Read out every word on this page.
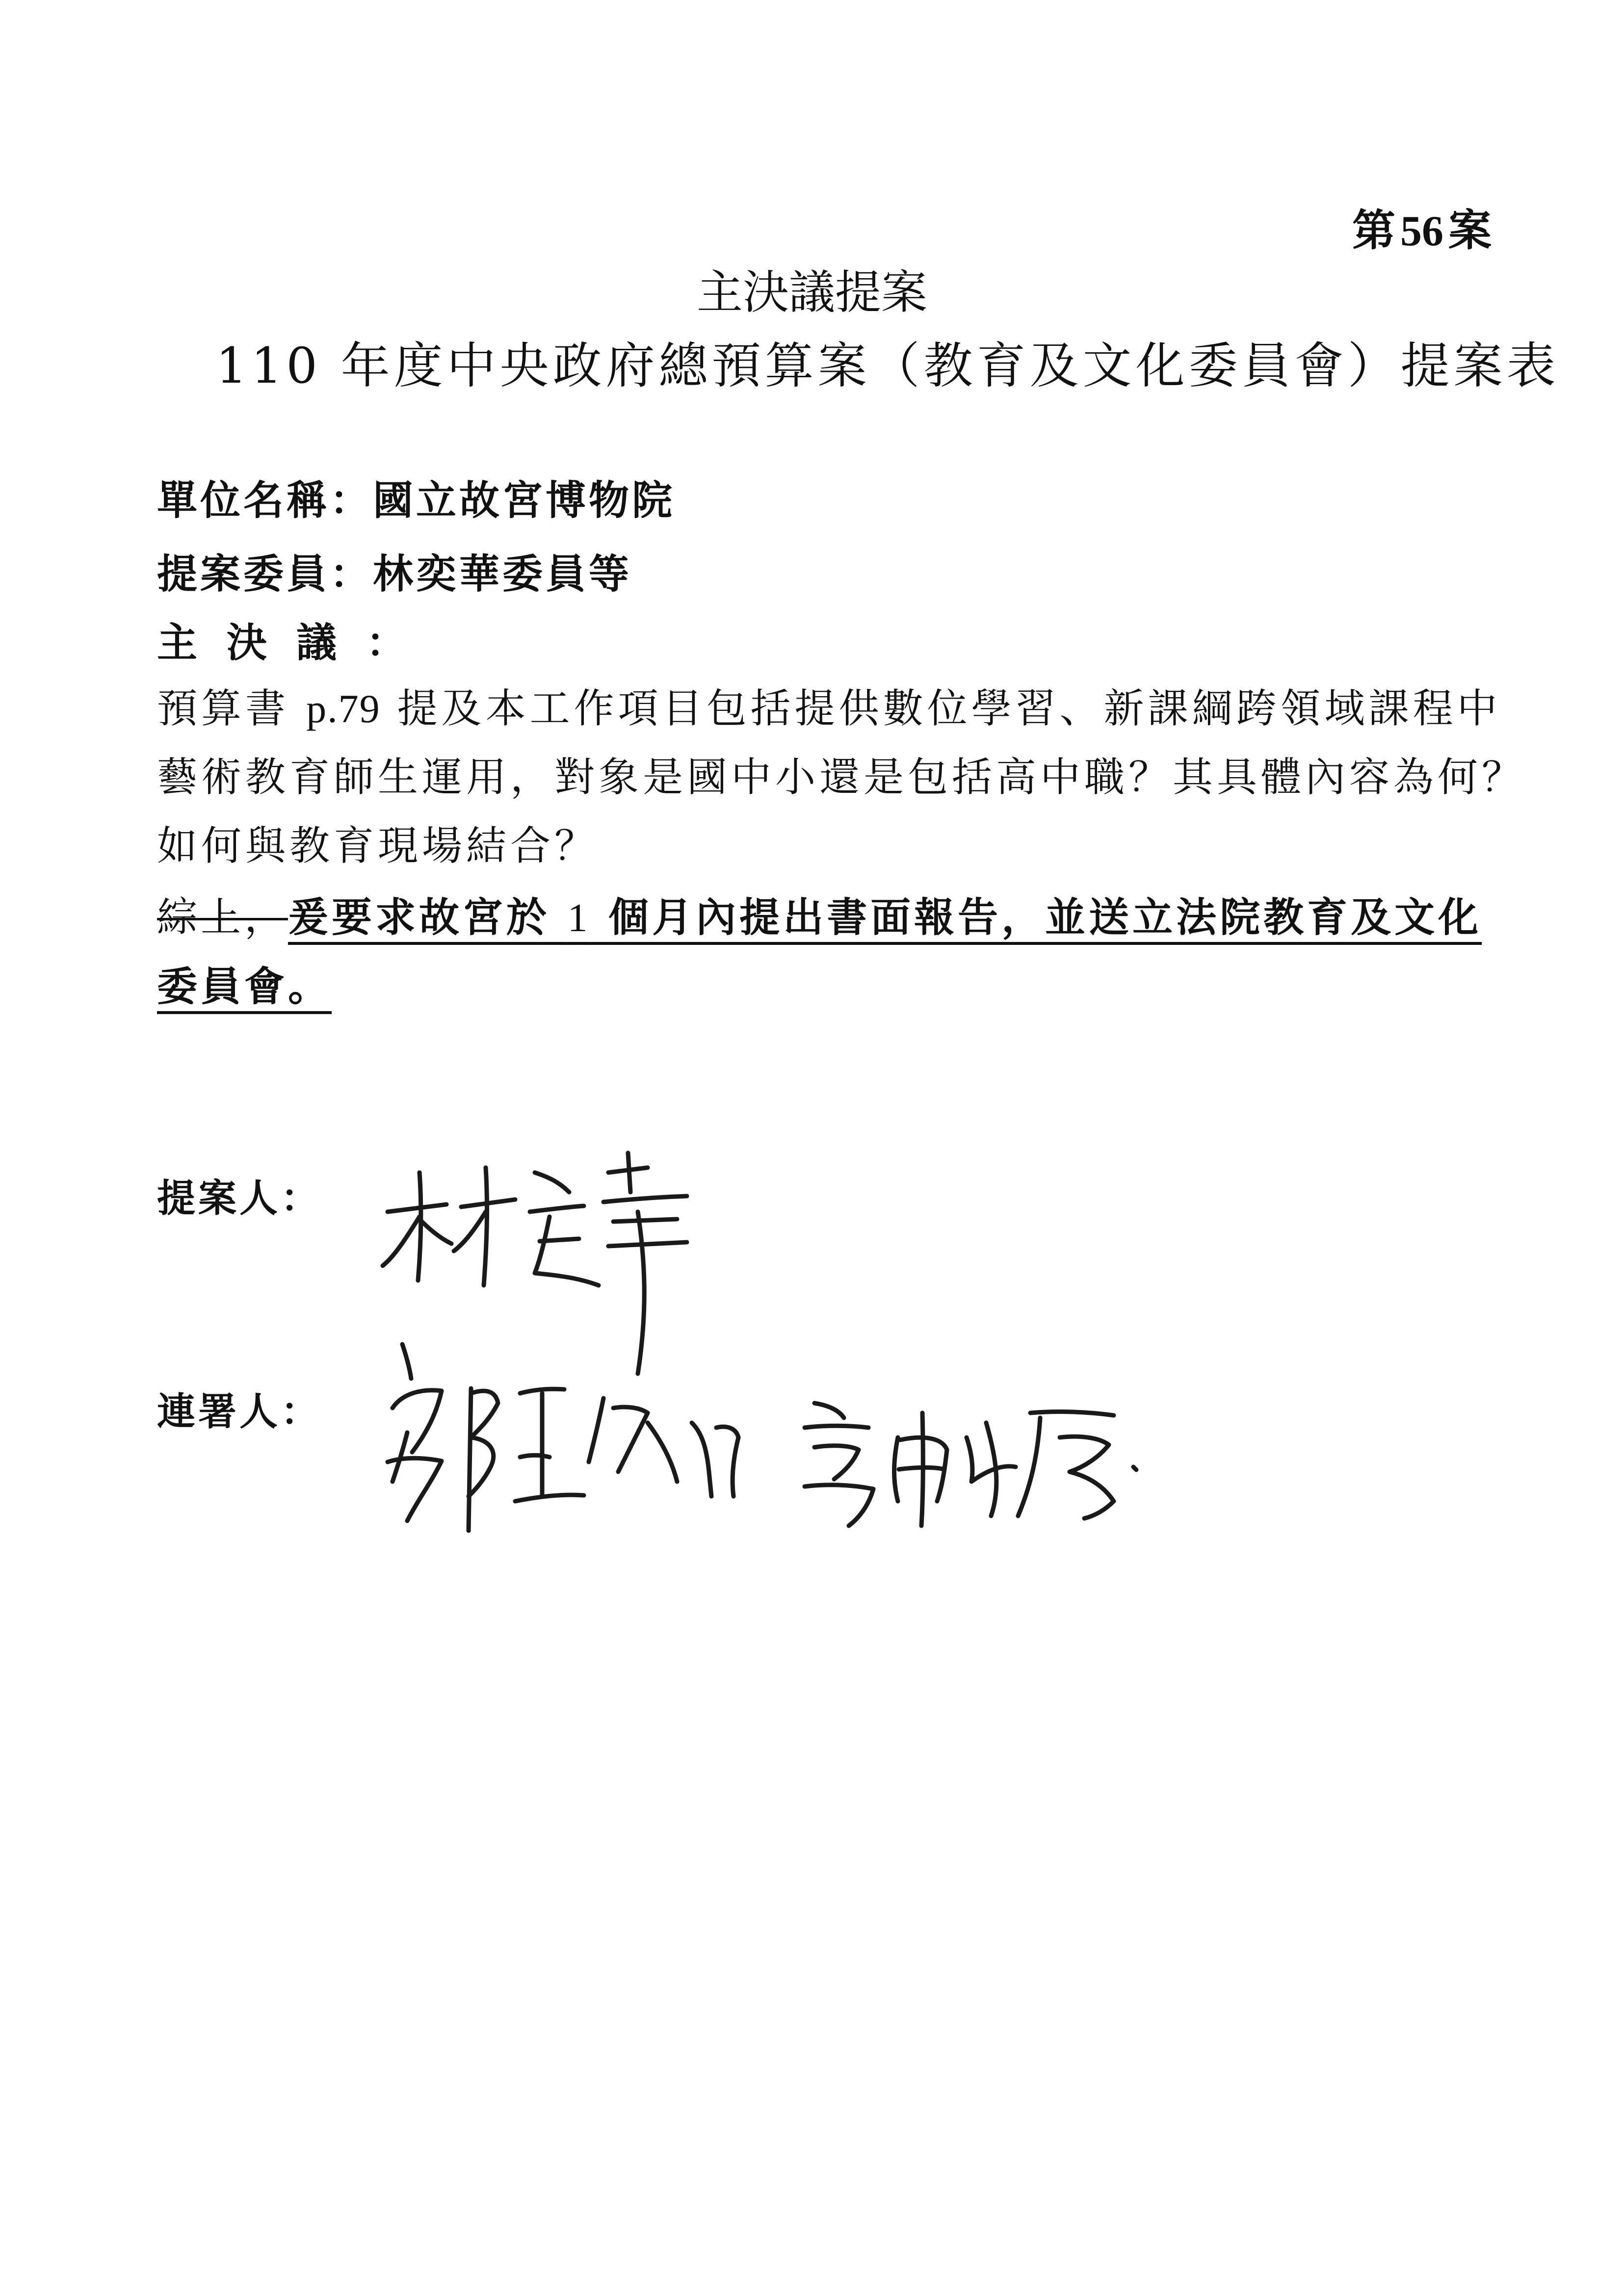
第 56 案
主決議提案
110 年度中央政府總預算案（教育及文化委員會）提案表
單位名稱：國立故宮博物院
提案委員：林奕華委員等
主決議：

預算書 p.79 提及本工作項目包括提供數位學習、新課綱跨領域課程中

藝術教育師生運用，對象是國中小還是包括高中職？其具體內容為何？

如何與教育現場結合？

綜上，爰要求故宮於 1 個月內提出書面報告，並送立法院教育及文化

委員會。

提案人：
連署人：
